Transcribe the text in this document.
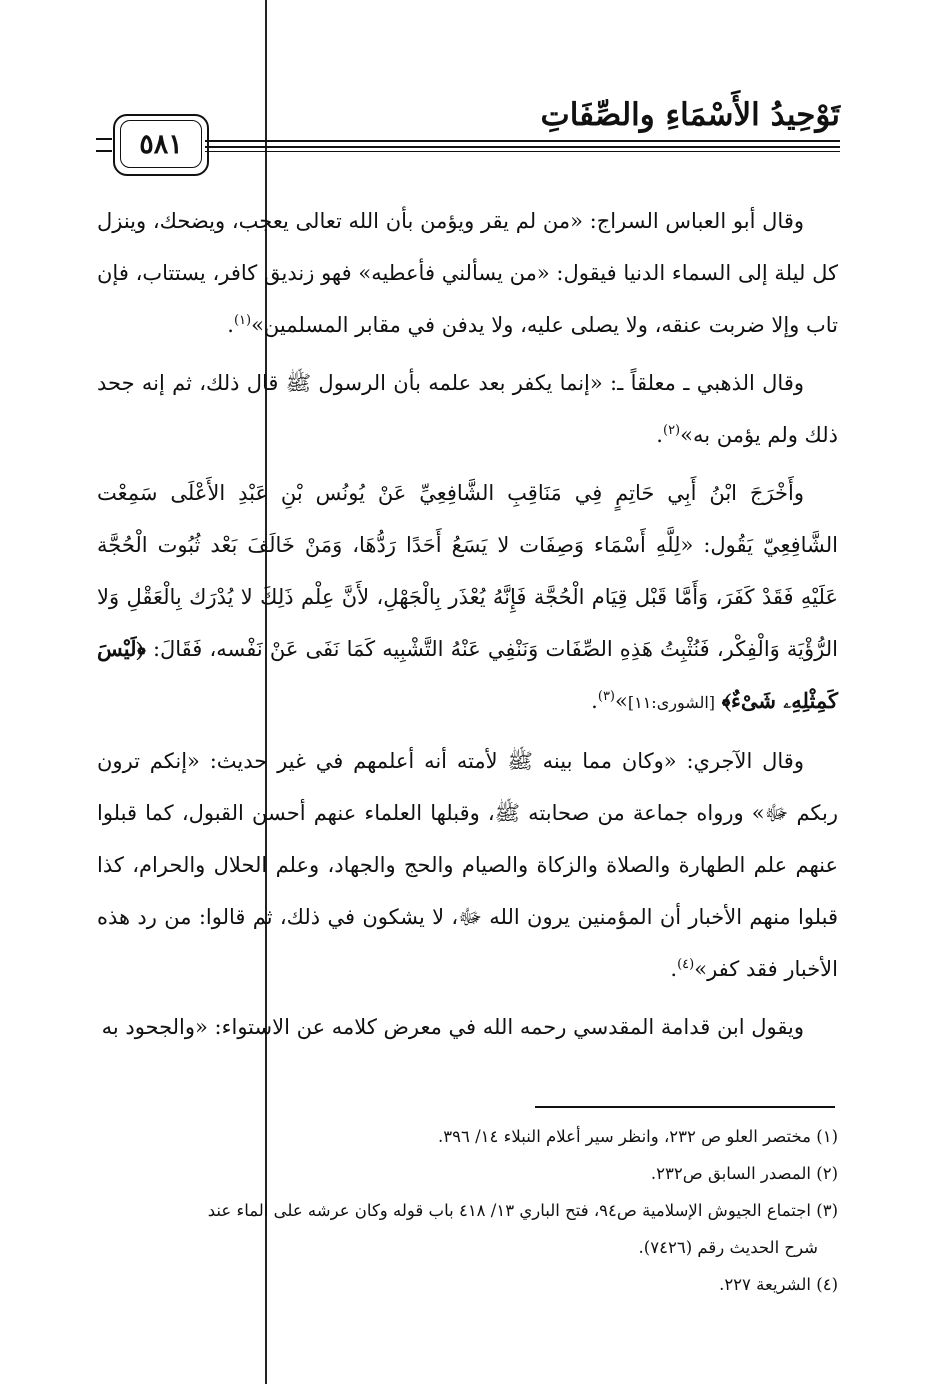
تَوْحِيدُ الأَسْمَاءِ والصِّفَاتِ
٥٨١

وقال أبو العباس السراج: «من لم يقر ويؤمن بأن الله تعالى يعجب، ويضحك، وينزل كل ليلة إلى السماء الدنيا فيقول: «من يسألني فأعطيه» فهو زنديق كافر، يستتاب، فإن تاب وإلا ضربت عنقه، ولا يصلى عليه، ولا يدفن في مقابر المسلمين»$^{(١)}$.

وقال الذهبي ـ معلقاً ـ: «إنما يكفر بعد علمه بأن الرسول ﷺ قال ذلك، ثم إنه جحد ذلك ولم يؤمن به»$^{(٢)}$.

وأَخْرَجَ ابْنُ أَبِي حَاتِمٍ فِي مَنَاقِبِ الشَّافِعِيِّ عَنْ يُونُس بْنِ عَبْدِ الأَعْلَى سَمِعْت الشَّافِعِيّ يَقُول: «لِلَّهِ أَسْمَاء وَصِفَات لا يَسَعُ أَحَدًا رَدُّهَا، وَمَنْ خَالَفَ بَعْد ثُبُوت الْحُجَّة عَلَيْهِ فَقَدْ كَفَرَ، وَأَمَّا قَبْل قِيَام الْحُجَّة فَإِنَّهُ يُعْذَر بِالْجَهْلِ، لأَنَّ عِلْم ذَلِكَ لا يُدْرَك بِالْعَقْلِ وَلا الرُّؤْيَة وَالْفِكْر، فَنُثْبِتُ هَذِهِ الصِّفَات وَنَنْفِي عَنْهُ التَّشْبِيه كَمَا نَفَى عَنْ نَفْسه، فَقَالَ: ﴿لَيْسَ كَمِثْلِهِۦ شَىْءٌ﴾ [الشورى:١١]»$^{(٣)}$.

وقال الآجري: «وكان مما بينه ﷺ لأمته أنه أعلمهم في غير حديث: «إنكم ترون ربكم ﷻ» ورواه جماعة من صحابته ﷺ، وقبلها العلماء عنهم أحسن القبول، كما قبلوا عنهم علم الطهارة والصلاة والزكاة والصيام والحج والجهاد، وعلم الحلال والحرام، كذا قبلوا منهم الأخبار أن المؤمنين يرون الله ﷻ، لا يشكون في ذلك، ثم قالوا: من رد هذه الأخبار فقد كفر»$^{(٤)}$.

ويقول ابن قدامة المقدسي رحمه الله في معرض كلامه عن الاستواء: «والجحود به

(١) مختصر العلو ص ٢٣٢، وانظر سير أعلام النبلاء ١٤/ ٣٩٦.

(٢) المصدر السابق ص٢٣٢.

(٣) اجتماع الجيوش الإسلامية ص٩٤، فتح الباري ١٣/ ٤١٨ باب قوله وكان عرشه على الماء عند

شرح الحديث رقم (٧٤٢٦).

(٤) الشريعة ٢٢٧.
